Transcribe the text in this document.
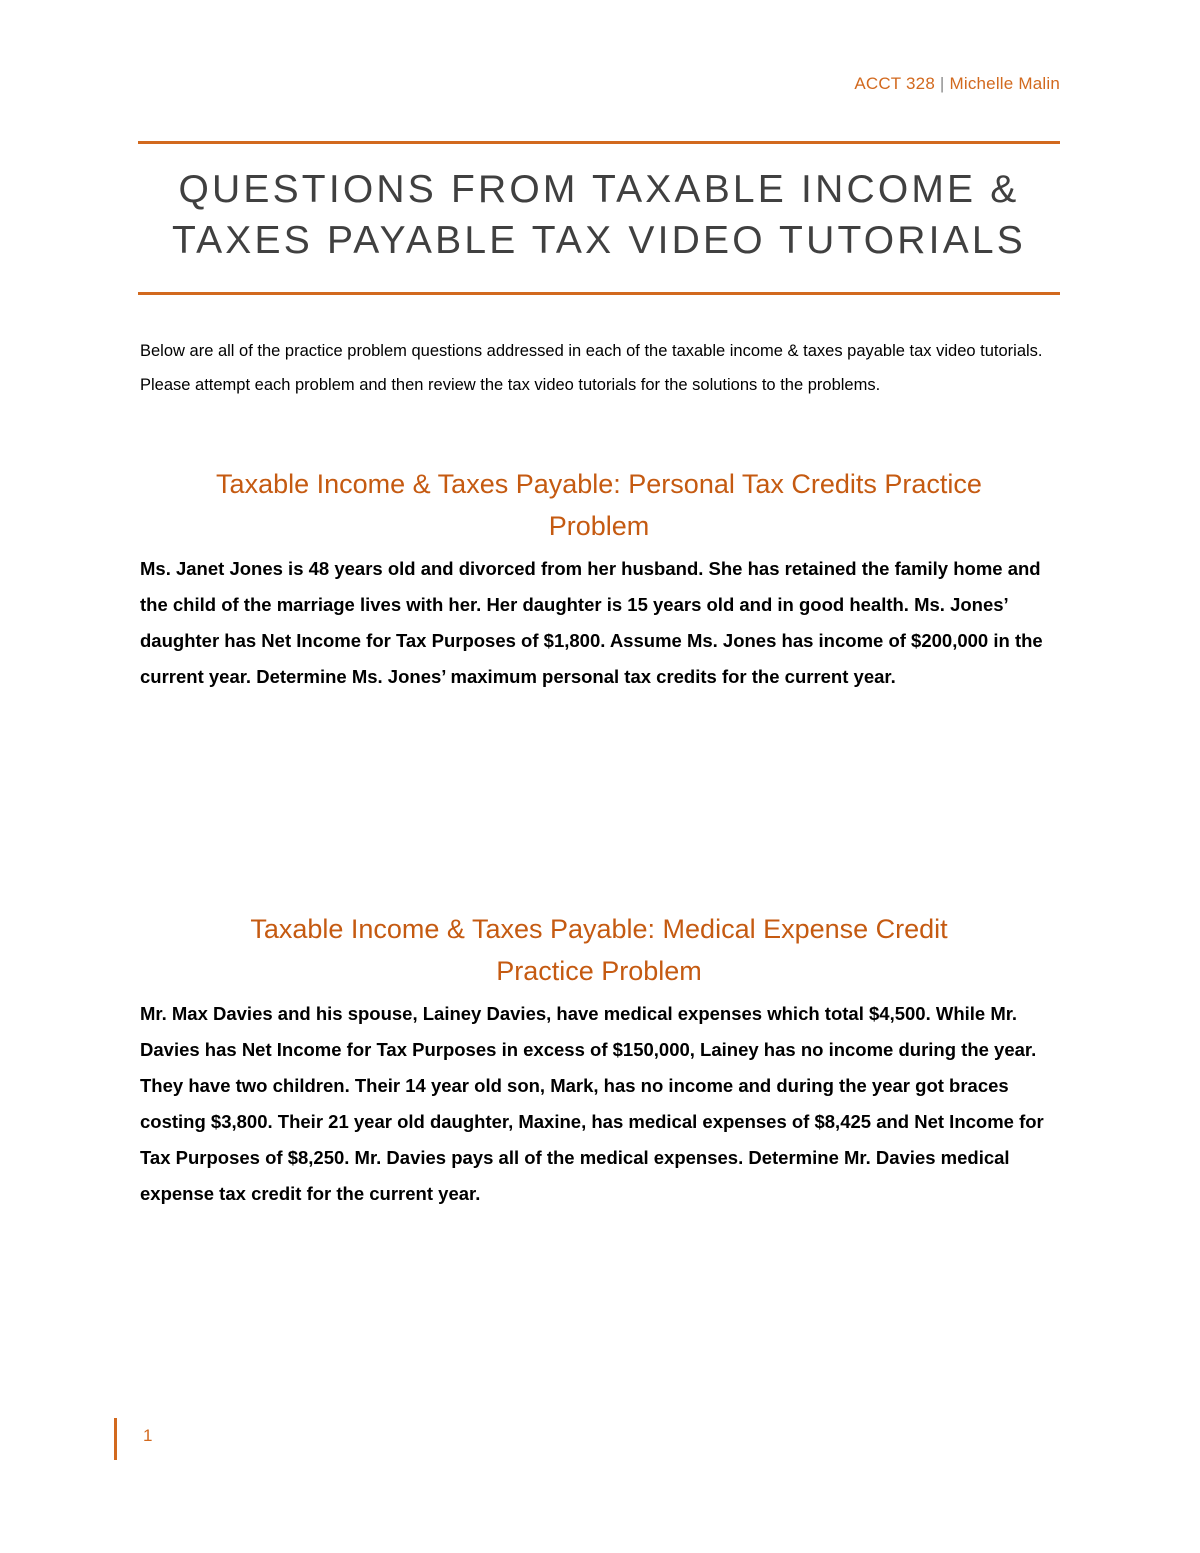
ACCT 328 | Michelle Malin
QUESTIONS FROM TAXABLE INCOME &
TAXES PAYABLE TAX VIDEO TUTORIALS

Below are all of the practice problem questions addressed in each of the taxable income & taxes payable tax video tutorials. Please attempt each problem and then review the tax video tutorials for the solutions to the problems.

Taxable Income & Taxes Payable: Personal Tax Credits Practice
Problem

Ms. Janet Jones is 48 years old and divorced from her husband. She has retained the family home and the child of the marriage lives with her. Her daughter is 15 years old and in good health. Ms. Jones’ daughter has Net Income for Tax Purposes of $1,800. Assume Ms. Jones has income of $200,000 in the current year. Determine Ms. Jones’ maximum personal tax credits for the current year.

Taxable Income & Taxes Payable: Medical Expense Credit
Practice Problem

Mr. Max Davies and his spouse, Lainey Davies, have medical expenses which total $4,500. While Mr. Davies has Net Income for Tax Purposes in excess of $150,000, Lainey has no income during the year. They have two children. Their 14 year old son, Mark, has no income and during the year got braces costing $3,800. Their 21 year old daughter, Maxine, has medical expenses of $8,425 and Net Income for Tax Purposes of $8,250. Mr. Davies pays all of the medical expenses. Determine Mr. Davies medical expense tax credit for the current year.

1
